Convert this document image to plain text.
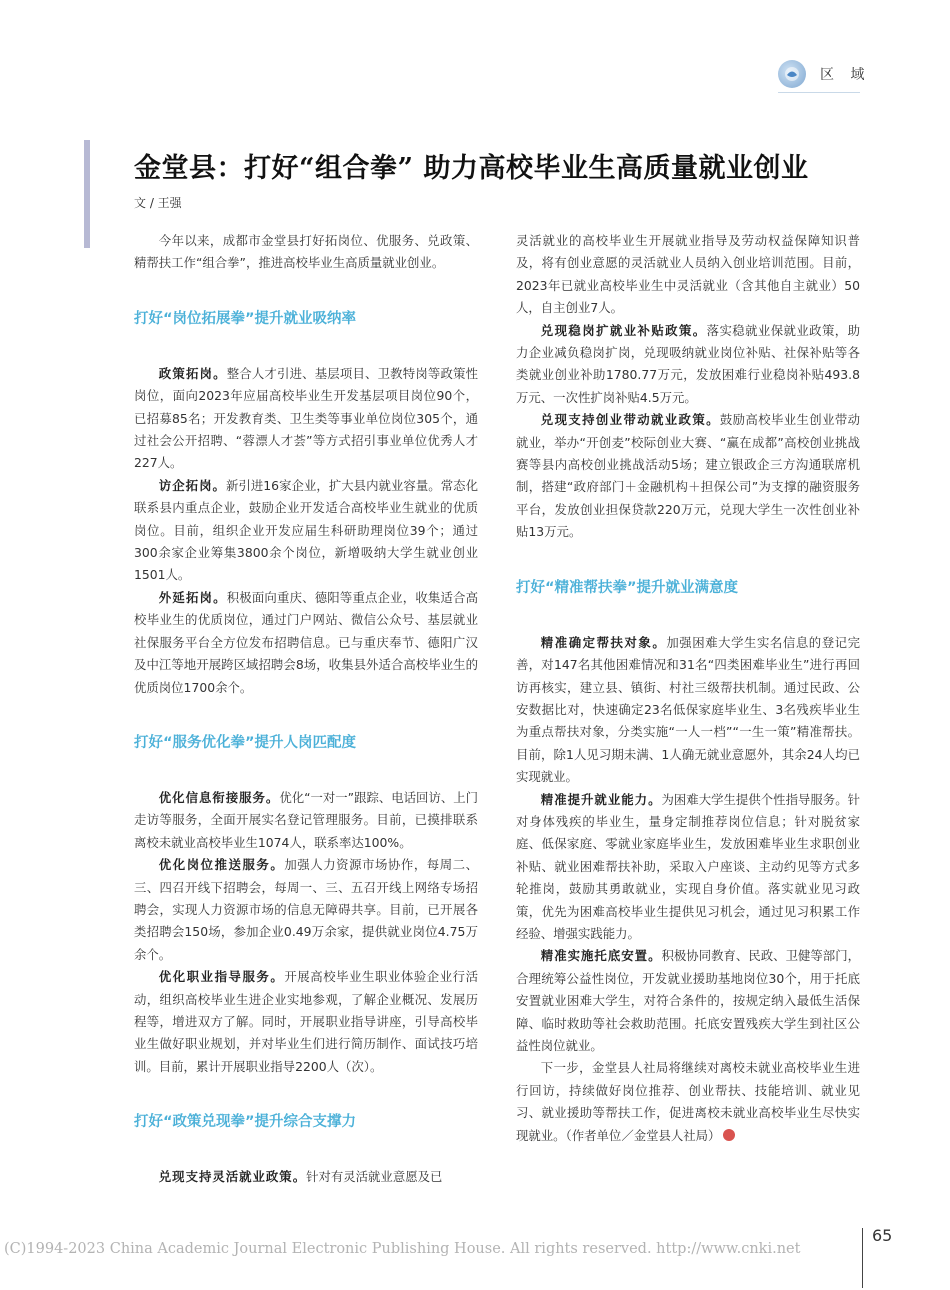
区 域
金堂县：打好“组合拳” 助力高校毕业生高质量就业创业
文 / 王强

今年以来，成都市金堂县打好拓岗位、优服务、兑政策、精帮扶工作“组合拳”，推进高校毕业生高质量就业创业。

打好“岗位拓展拳”提升就业吸纳率

政策拓岗。整合人才引进、基层项目、卫教特岗等政策性岗位，面向2023年应届高校毕业生开发基层项目岗位90个，已招募85名；开发教育类、卫生类等事业单位岗位305个，通过社会公开招聘、“蓉漂人才荟”等方式招引事业单位优秀人才227人。

访企拓岗。新引进16家企业，扩大县内就业容量。常态化联系县内重点企业，鼓励企业开发适合高校毕业生就业的优质岗位。目前，组织企业开发应届生科研助理岗位39个；通过300余家企业筹集3800余个岗位，新增吸纳大学生就业创业1501人。

外延拓岗。积极面向重庆、德阳等重点企业，收集适合高校毕业生的优质岗位，通过门户网站、微信公众号、基层就业社保服务平台全方位发布招聘信息。已与重庆奉节、德阳广汉及中江等地开展跨区域招聘会8场，收集县外适合高校毕业生的优质岗位1700余个。

打好“服务优化拳”提升人岗匹配度

优化信息衔接服务。优化“一对一”跟踪、电话回访、上门走访等服务，全面开展实名登记管理服务。目前，已摸排联系离校未就业高校毕业生1074人，联系率达100%。

优化岗位推送服务。加强人力资源市场协作，每周二、三、四召开线下招聘会，每周一、三、五召开线上网络专场招聘会，实现人力资源市场的信息无障碍共享。目前，已开展各类招聘会150场，参加企业0.49万余家，提供就业岗位4.75万余个。

优化职业指导服务。开展高校毕业生职业体验企业行活动，组织高校毕业生进企业实地参观，了解企业概况、发展历程等，增进双方了解。同时，开展职业指导讲座，引导高校毕业生做好职业规划，并对毕业生们进行简历制作、面试技巧培训。目前，累计开展职业指导2200人（次）。

打好“政策兑现拳”提升综合支撑力

兑现支持灵活就业政策。针对有灵活就业意愿及已

灵活就业的高校毕业生开展就业指导及劳动权益保障知识普及，将有创业意愿的灵活就业人员纳入创业培训范围。目前，2023年已就业高校毕业生中灵活就业（含其他自主就业）50人，自主创业7人。

兑现稳岗扩就业补贴政策。落实稳就业保就业政策，助力企业减负稳岗扩岗，兑现吸纳就业岗位补贴、社保补贴等各类就业创业补助1780.77万元，发放困难行业稳岗补贴493.8万元、一次性扩岗补贴4.5万元。

兑现支持创业带动就业政策。鼓励高校毕业生创业带动就业，举办“开创麦”校际创业大赛、“赢在成都”高校创业挑战赛等县内高校创业挑战活动5场；建立银政企三方沟通联席机制，搭建“政府部门＋金融机构＋担保公司”为支撑的融资服务平台，发放创业担保贷款220万元，兑现大学生一次性创业补贴13万元。

打好“精准帮扶拳”提升就业满意度

精准确定帮扶对象。加强困难大学生实名信息的登记完善，对147名其他困难情况和31名“四类困难毕业生”进行再回访再核实，建立县、镇街、村社三级帮扶机制。通过民政、公安数据比对，快速确定23名低保家庭毕业生、3名残疾毕业生为重点帮扶对象，分类实施“一人一档”“一生一策”精准帮扶。目前，除1人见习期未满、1人确无就业意愿外，其余24人均已实现就业。

精准提升就业能力。为困难大学生提供个性指导服务。针对身体残疾的毕业生，量身定制推荐岗位信息；针对脱贫家庭、低保家庭、零就业家庭毕业生，发放困难毕业生求职创业补贴、就业困难帮扶补助，采取入户座谈、主动约见等方式多轮推岗，鼓励其勇敢就业，实现自身价值。落实就业见习政策，优先为困难高校毕业生提供见习机会，通过见习积累工作经验、增强实践能力。

精准实施托底安置。积极协同教育、民政、卫健等部门，合理统筹公益性岗位，开发就业援助基地岗位30个，用于托底安置就业困难大学生，对符合条件的，按规定纳入最低生活保障、临时救助等社会救助范围。托底安置残疾大学生到社区公益性岗位就业。

下一步，金堂县人社局将继续对离校未就业高校毕业生进行回访，持续做好岗位推荐、创业帮扶、技能培训、就业见习、就业援助等帮扶工作，促进离校未就业高校毕业生尽快实现就业。（作者单位／金堂县人社局）

65
(C)1994-2023 China Academic Journal Electronic Publishing House. All rights reserved. http://www.cnki.net
